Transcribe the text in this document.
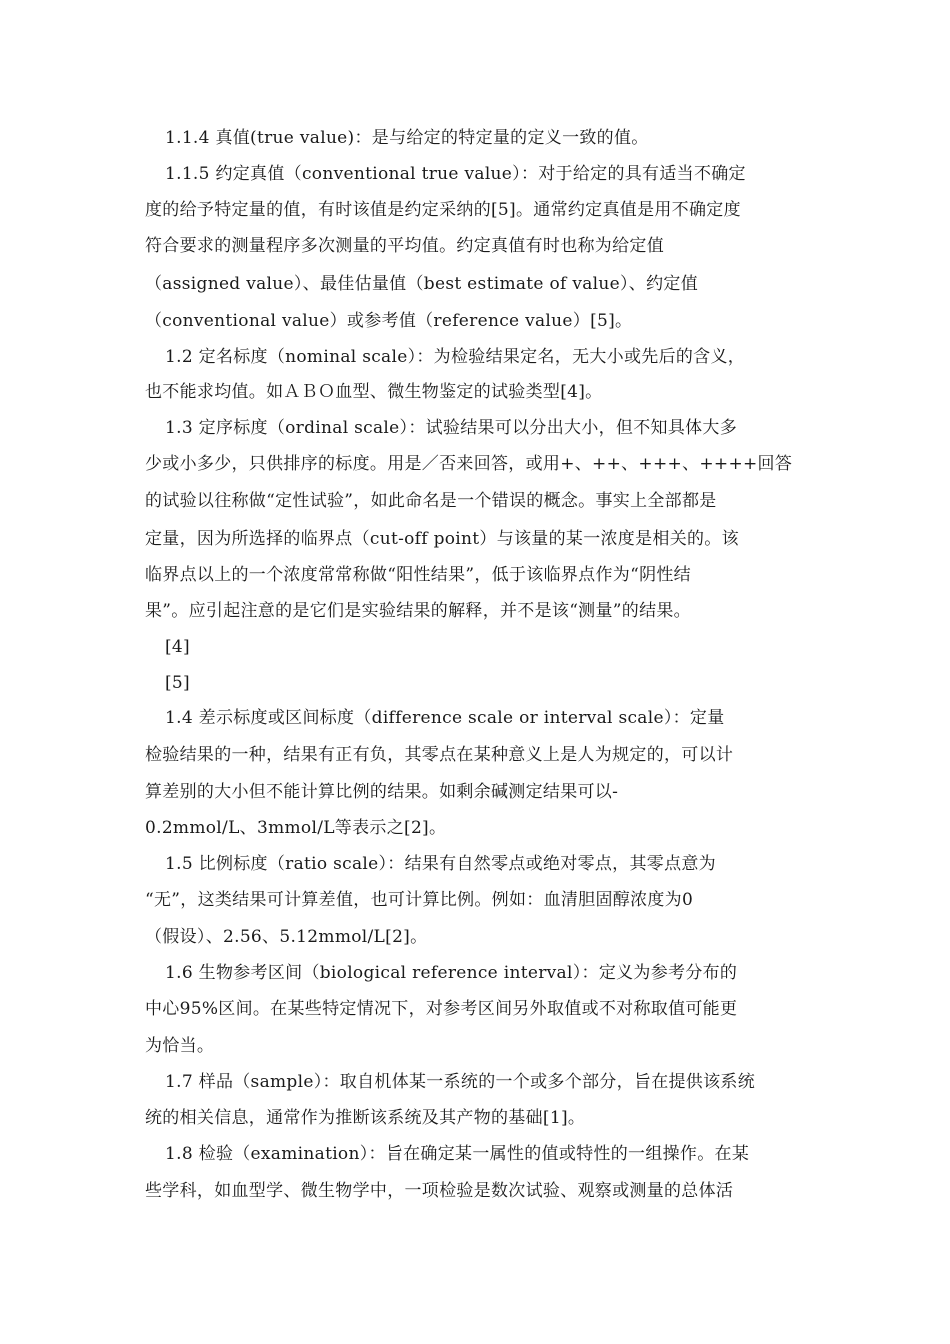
1.1.4 真值(true value)：是与给定的特定量的定义一致的值。
1.1.5 约定真值（conventional true value）：对于给定的具有适当不确定
度的给予特定量的值，有时该值是约定采纳的[5]。通常约定真值是用不确定度
符合要求的测量程序多次测量的平均值。约定真值有时也称为给定值
（assigned value）、最佳估量值（best estimate of value）、约定值
（conventional value）或参考值（reference value）[5]。
1.2 定名标度（nominal scale）：为检验结果定名，无大小或先后的含义，
也不能求均值。如ＡＢＯ血型、微生物鉴定的试验类型[4]。
1.3 定序标度（ordinal scale）：试验结果可以分出大小，但不知具体大多
少或小多少，只供排序的标度。用是／否来回答，或用+、++、+++、++++回答
的试验以往称做“定性试验”，如此命名是一个错误的概念。事实上全部都是
定量，因为所选择的临界点（cut-off point）与该量的某一浓度是相关的。该
临界点以上的一个浓度常常称做“阳性结果”，低于该临界点作为“阴性结
果”。应引起注意的是它们是实验结果的解释，并不是该“测量”的结果。
[4]
[5]
1.4 差示标度或区间标度（difference scale or interval scale）：定量
检验结果的一种，结果有正有负，其零点在某种意义上是人为规定的，可以计
算差别的大小但不能计算比例的结果。如剩余碱测定结果可以-
0.2mmol/L、3mmol/L等表示之[2]。
1.5 比例标度（ratio scale）：结果有自然零点或绝对零点，其零点意为
“无”，这类结果可计算差值，也可计算比例。例如：血清胆固醇浓度为0
（假设）、2.56、5.12mmol/L[2]。
1.6 生物参考区间（biological reference interval）：定义为参考分布的
中心95%区间。在某些特定情况下，对参考区间另外取值或不对称取值可能更
为恰当。
1.7 样品（sample）：取自机体某一系统的一个或多个部分，旨在提供该系统
统的相关信息，通常作为推断该系统及其产物的基础[1]。
1.8 检验（examination）：旨在确定某一属性的值或特性的一组操作。在某
些学科，如血型学、微生物学中，一项检验是数次试验、观察或测量的总体活
